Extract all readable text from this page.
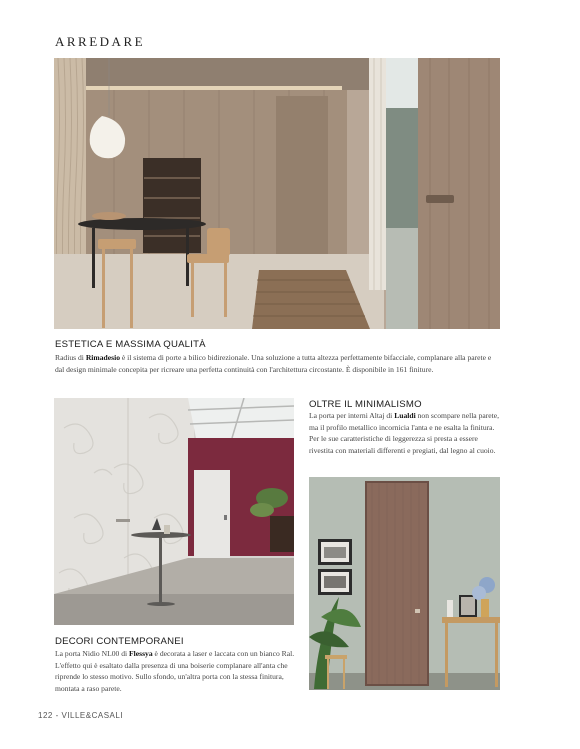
ARREDARE
ESTETICA E MASSIMA QUALITÀ
Radius di Rimadesio è il sistema di porte a bilico bidirezionale. Una soluzione a tutta altezza perfettamente bifacciale, complanare alla parete e dal design minimale concepita per ricreare una perfetta continuità con l'architettura circostante. È disponibile in 161 finiture.
OLTRE IL MINIMALISMO
La porta per interni Altaj di Lualdi non scompare nella parete, ma il profilo metallico incornicia l'anta e ne esalta la finitura. Per le sue caratteristiche di leggerezza si presta a essere rivestita con materiali differenti e pregiati, dal legno al cuoio.
DECORI CONTEMPORANEI
La porta Nidio NL00 di Flessya è decorata a laser e laccata con un bianco Ral. L'effetto qui è esaltato dalla presenza di una boiserie complanare all'anta che riprende lo stesso motivo. Sullo sfondo, un'altra porta con la stessa finitura, montata a raso parete.
122 - VILLE&CASALI
